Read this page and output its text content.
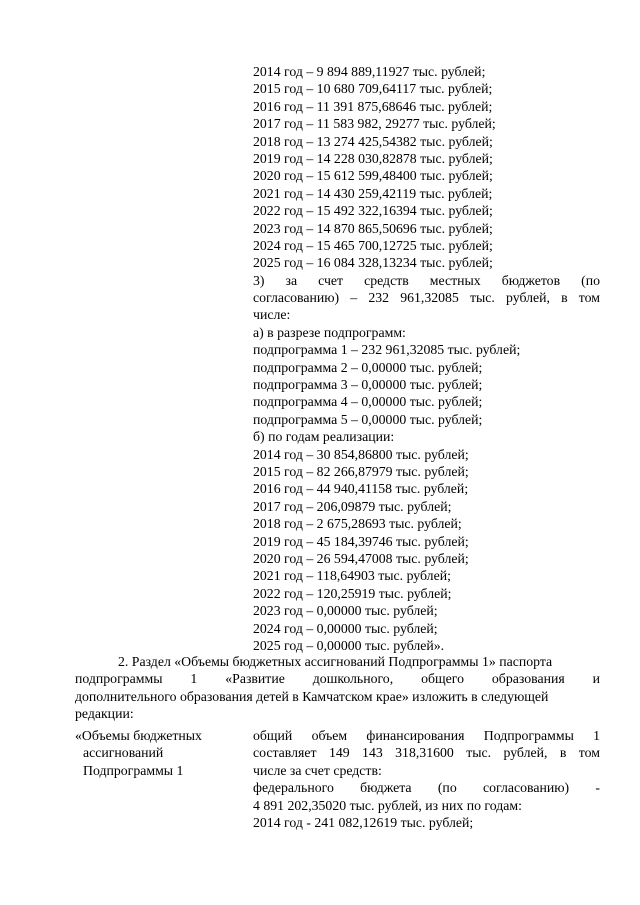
2014 год – 9 894 889,11927 тыс. рублей;
2015 год – 10 680 709,64117 тыс. рублей;
2016 год – 11 391 875,68646 тыс. рублей;
2017 год – 11 583 982, 29277 тыс. рублей;
2018 год – 13 274 425,54382 тыс. рублей;
2019 год – 14 228 030,82878 тыс. рублей;
2020 год – 15 612 599,48400 тыс. рублей;
2021 год – 14 430 259,42119 тыс. рублей;
2022 год – 15 492 322,16394 тыс. рублей;
2023 год – 14 870 865,50696 тыс. рублей;
2024 год – 15 465 700,12725 тыс. рублей;
2025 год – 16 084 328,13234 тыс. рублей;
3) за счет средств местных бюджетов (по
согласованию) – 232 961,32085 тыс. рублей, в том
числе:
а) в разрезе подпрограмм:
подпрограмма 1 – 232 961,32085 тыс. рублей;
подпрограмма 2 – 0,00000 тыс. рублей;
подпрограмма 3 – 0,00000 тыс. рублей;
подпрограмма 4 – 0,00000 тыс. рублей;
подпрограмма 5 – 0,00000 тыс. рублей;
б) по годам реализации:
2014 год – 30 854,86800 тыс. рублей;
2015 год – 82 266,87979 тыс. рублей;
2016 год – 44 940,41158 тыс. рублей;
2017 год – 206,09879 тыс. рублей;
2018 год – 2 675,28693 тыс. рублей;
2019 год – 45 184,39746 тыс. рублей;
2020 год – 26 594,47008 тыс. рублей;
2021 год – 118,64903 тыс. рублей;
2022 год – 120,25919 тыс. рублей;
2023 год – 0,00000 тыс. рублей;
2024 год – 0,00000 тыс. рублей;
2025 год – 0,00000 тыс. рублей».
2. Раздел «Объемы бюджетных ассигнований Подпрограммы 1» паспорта
подпрограммы 1 «Развитие дошкольного, общего образования и
дополнительного образования детей в Камчатском крае» изложить в следующей
редакции:
«Объемы бюджетных
ассигнований
Подпрограммы 1
общий объем финансирования Подпрограммы 1
составляет 149 143 318,31600 тыс. рублей, в том
числе за счет средств:
федерального бюджета (по согласованию) -
4 891 202,35020 тыс. рублей, из них по годам:
2014 год - 241 082,12619 тыс. рублей;
